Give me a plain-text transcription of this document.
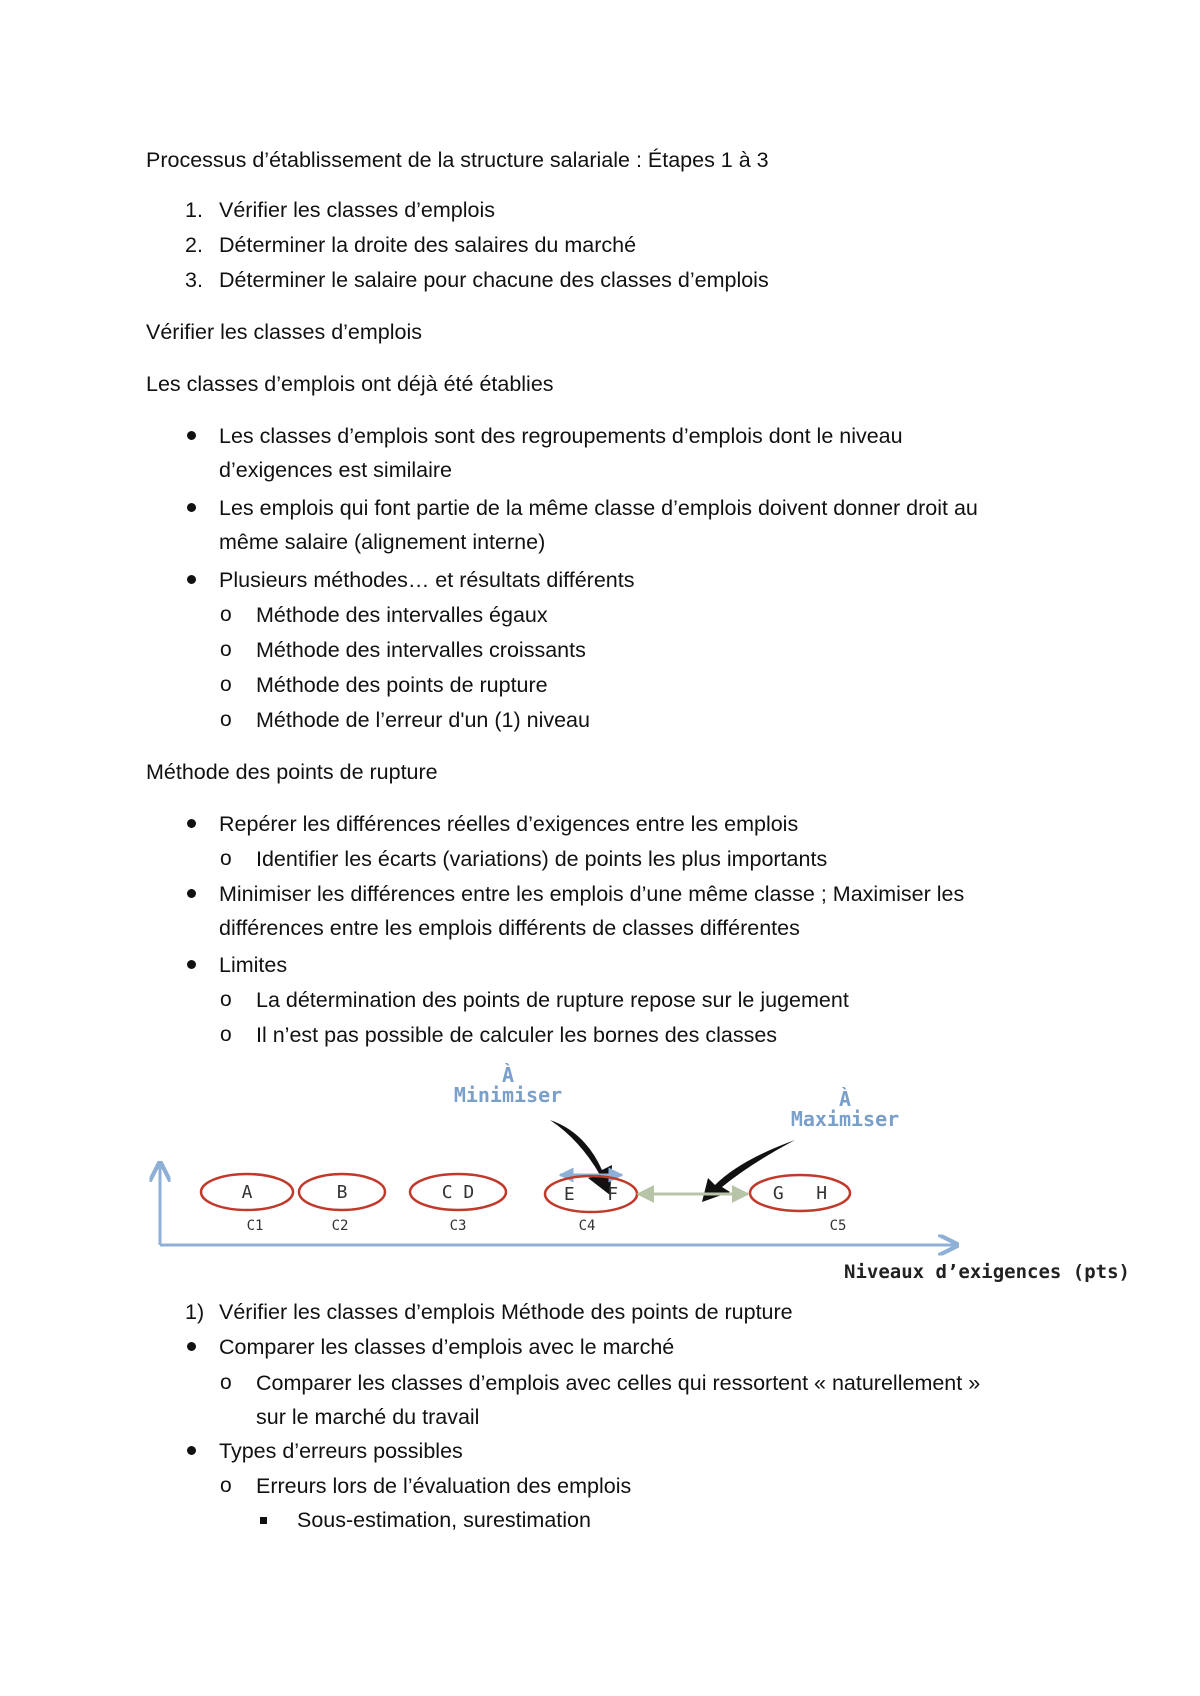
Processus d’établissement de la structure salariale : Étapes 1 à 3
1. Vérifier les classes d’emplois
2. Déterminer la droite des salaires du marché
3. Déterminer le salaire pour chacune des classes d’emplois
Vérifier les classes d’emplois
Les classes d’emplois ont déjà été établies
Les classes d’emplois sont des regroupements d’emplois dont le niveau
d’exigences est similaire
Les emplois qui font partie de la même classe d’emplois doivent donner droit au
même salaire (alignement interne)
Plusieurs méthodes… et résultats différents
o Méthode des intervalles égaux
o Méthode des intervalles croissants
o Méthode des points de rupture
o Méthode de l’erreur d'un (1) niveau
Méthode des points de rupture
Repérer les différences réelles d’exigences entre les emplois
o Identifier les écarts (variations) de points les plus importants
Minimiser les différences entre les emplois d’une même classe ; Maximiser les
différences entre les emplois différents de classes différentes
Limites
o La détermination des points de rupture repose sur le jugement
o Il n’est pas possible de calculer les bornes des classes
À
Minimiser	À
Maximiser
A	B	C D	E   F	G   H
C1	C2	C3	C4	C5
Niveaux d’exigences (pts)
1) Vérifier les classes d’emplois Méthode des points de rupture
Comparer les classes d’emplois avec le marché
o Comparer les classes d’emplois avec celles qui ressortent « naturellement »
sur le marché du travail
Types d’erreurs possibles
o Erreurs lors de l’évaluation des emplois
Sous-estimation, surestimation
